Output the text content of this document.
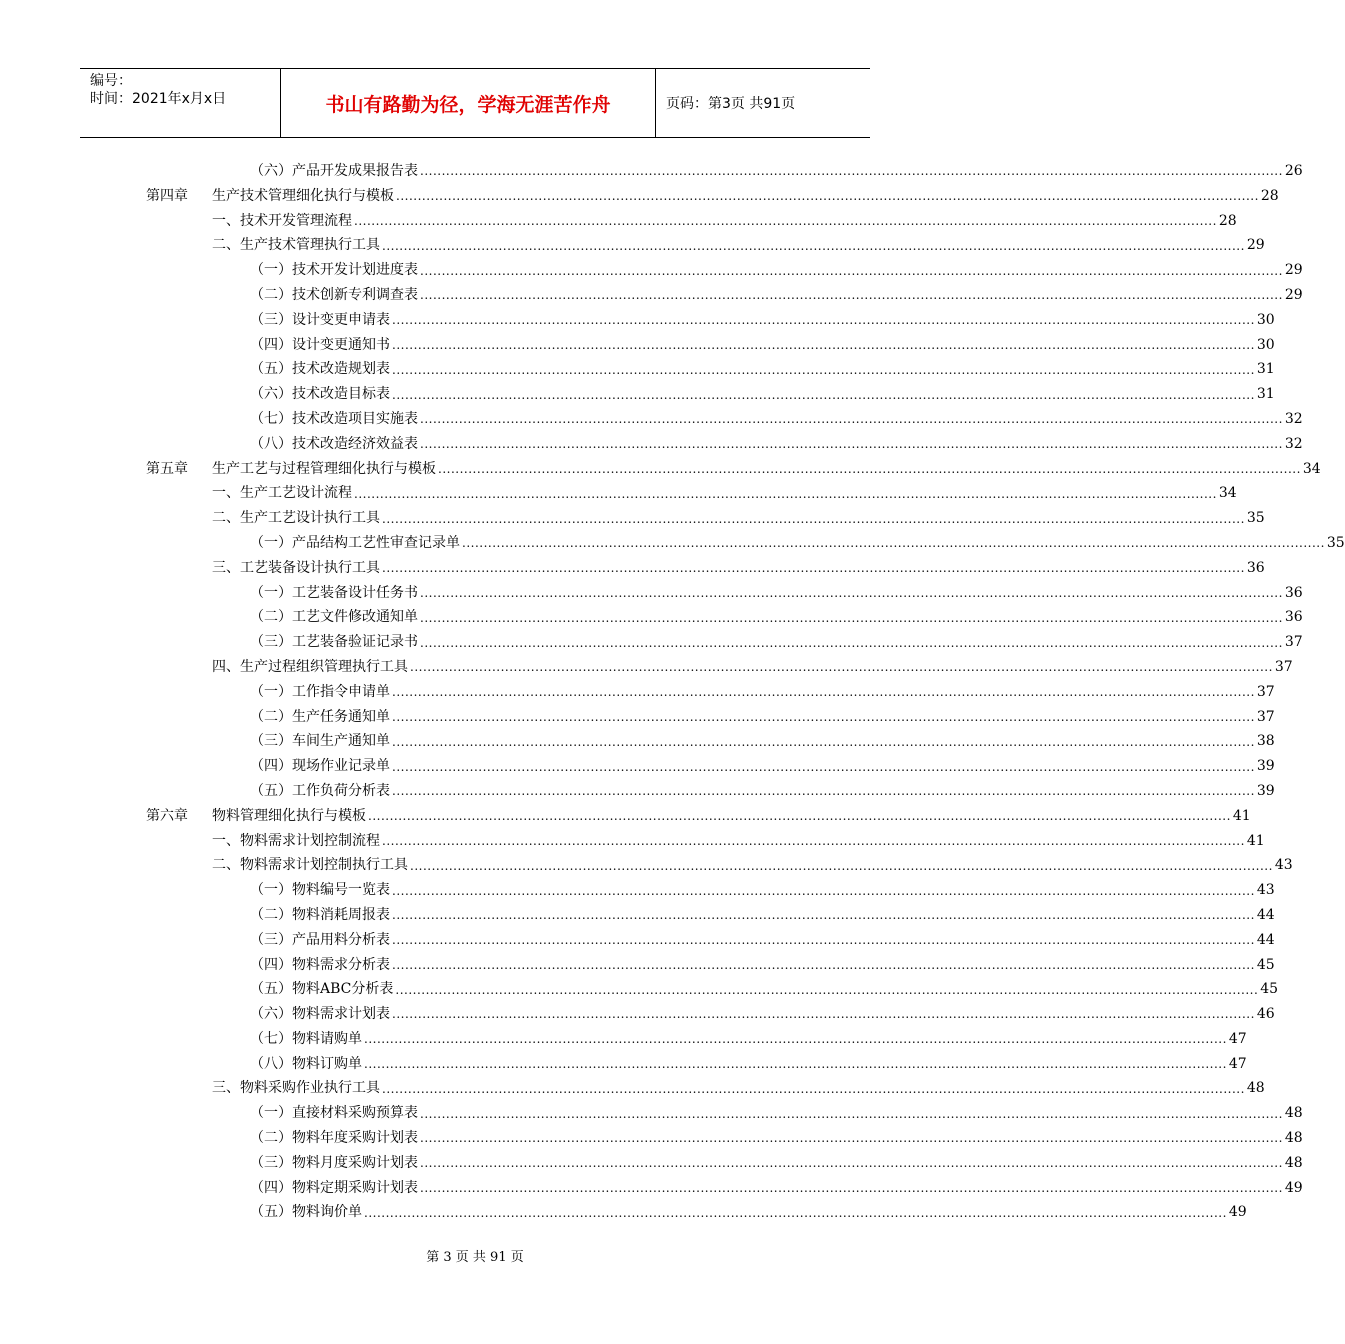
编号：
时间：2021年x月x日	书山有路勤为径，学海无涯苦作舟	页码：第3页 共91页
（六）产品开发成果报告表 ........................................................................................................................................................................................................ 26
第四章 生产技术管理细化执行与模板 ........................................................................................................................................................................................................ 28
一、技术开发管理流程 ........................................................................................................................................................................................................ 28
二、生产技术管理执行工具 ........................................................................................................................................................................................................ 29
（一）技术开发计划进度表 ........................................................................................................................................................................................................ 29
（二）技术创新专利调查表 ........................................................................................................................................................................................................ 29
（三）设计变更申请表 ........................................................................................................................................................................................................ 30
（四）设计变更通知书 ........................................................................................................................................................................................................ 30
（五）技术改造规划表 ........................................................................................................................................................................................................ 31
（六）技术改造目标表 ........................................................................................................................................................................................................ 31
（七）技术改造项目实施表 ........................................................................................................................................................................................................ 32
（八）技术改造经济效益表 ........................................................................................................................................................................................................ 32
第五章 生产工艺与过程管理细化执行与模板 ........................................................................................................................................................................................................ 34
一、生产工艺设计流程 ........................................................................................................................................................................................................ 34
二、生产工艺设计执行工具 ........................................................................................................................................................................................................ 35
（一）产品结构工艺性审查记录单 ........................................................................................................................................................................................................ 35
三、工艺装备设计执行工具 ........................................................................................................................................................................................................ 36
（一）工艺装备设计任务书 ........................................................................................................................................................................................................ 36
（二）工艺文件修改通知单 ........................................................................................................................................................................................................ 36
（三）工艺装备验证记录书 ........................................................................................................................................................................................................ 37
四、生产过程组织管理执行工具 ........................................................................................................................................................................................................ 37
（一）工作指令申请单 ........................................................................................................................................................................................................ 37
（二）生产任务通知单 ........................................................................................................................................................................................................ 37
（三）车间生产通知单 ........................................................................................................................................................................................................ 38
（四）现场作业记录单 ........................................................................................................................................................................................................ 39
（五）工作负荷分析表 ........................................................................................................................................................................................................ 39
第六章 物料管理细化执行与模板 ........................................................................................................................................................................................................ 41
一、物料需求计划控制流程 ........................................................................................................................................................................................................ 41
二、物料需求计划控制执行工具 ........................................................................................................................................................................................................ 43
（一）物料编号一览表 ........................................................................................................................................................................................................ 43
（二）物料消耗周报表 ........................................................................................................................................................................................................ 44
（三）产品用料分析表 ........................................................................................................................................................................................................ 44
（四）物料需求分析表 ........................................................................................................................................................................................................ 45
（五）物料ABC分析表 ........................................................................................................................................................................................................ 45
（六）物料需求计划表 ........................................................................................................................................................................................................ 46
（七）物料请购单 ........................................................................................................................................................................................................ 47
（八）物料订购单 ........................................................................................................................................................................................................ 47
三、物料采购作业执行工具 ........................................................................................................................................................................................................ 48
（一）直接材料采购预算表 ........................................................................................................................................................................................................ 48
（二）物料年度采购计划表 ........................................................................................................................................................................................................ 48
（三）物料月度采购计划表 ........................................................................................................................................................................................................ 48
（四）物料定期采购计划表 ........................................................................................................................................................................................................ 49
（五）物料询价单 ........................................................................................................................................................................................................ 49
第 3 页 共 91 页
